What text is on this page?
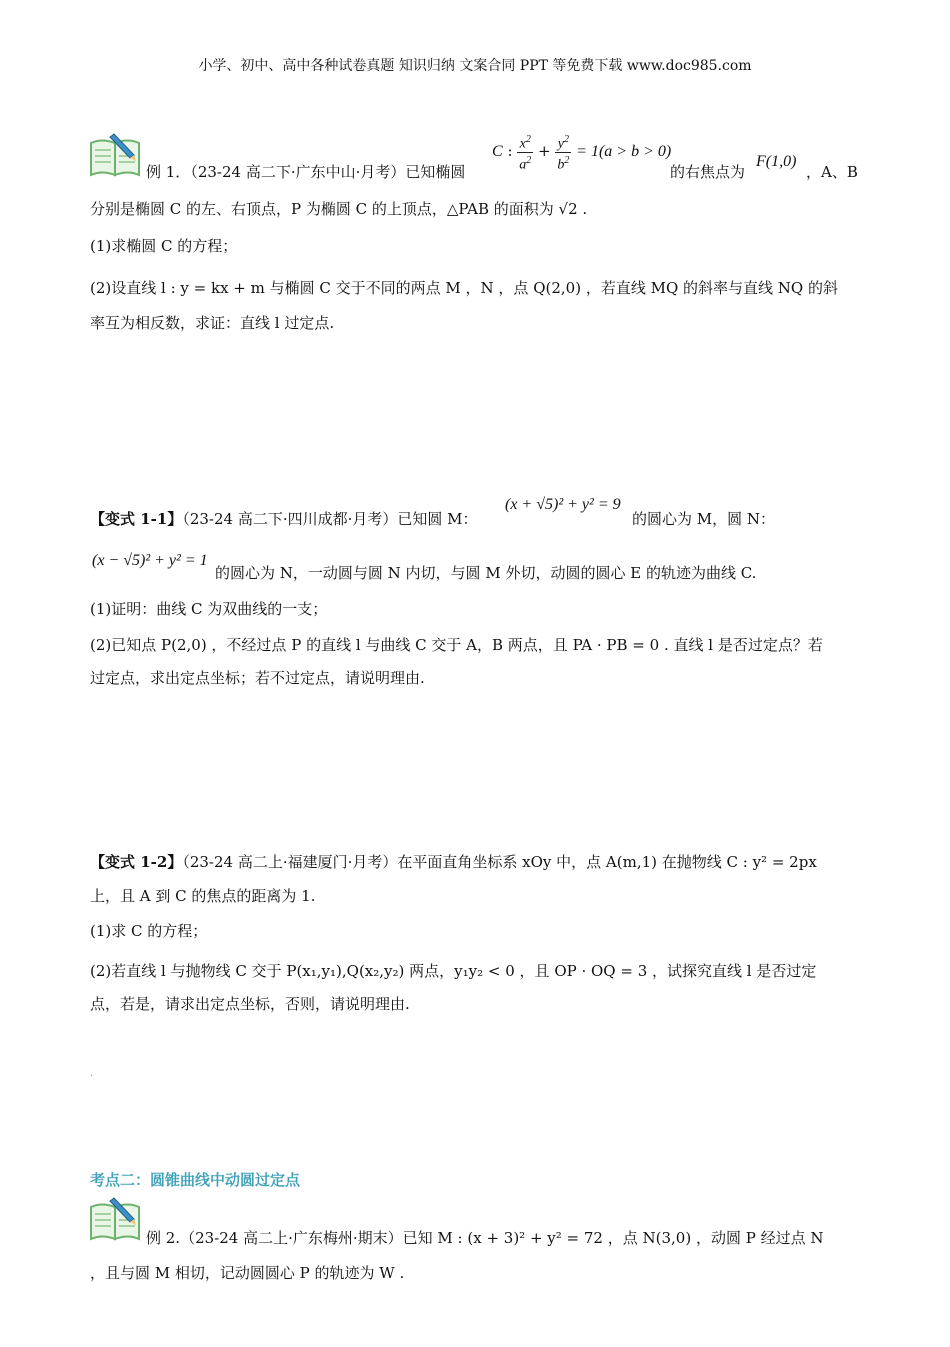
小学、初中、高中各种试卷真题 知识归纳 文案合同 PPT 等免费下载 www.doc985.com
例 1．（23-24 高二下·广东中山·月考）已知椭圆
C : $\frac{x^2}{a^2} + \frac{y^2}{b^2} = 1(a > b > 0)$
的右焦点为
F(1,0)
，A、B
分别是椭圆 C 的左、右顶点，P 为椭圆 C 的上顶点，△PAB 的面积为 √2 .
(1)求椭圆 C 的方程；
(2)设直线 l : y = kx + m 与椭圆 C 交于不同的两点 M ，N ，点 Q(2,0) ，若直线 MQ 的斜率与直线 NQ 的斜
率互为相反数，求证：直线 l 过定点.
【变式 1-1】（23-24 高二下·四川成都·月考）已知圆 M：
(x + √5)² + y² = 9
的圆心为 M，圆 N：
(x − √5)² + y² = 1
的圆心为 N，一动圆与圆 N 内切，与圆 M 外切，动圆的圆心 E 的轨迹为曲线 C.
(1)证明：曲线 C 为双曲线的一支；
(2)已知点 P(2,0) ，不经过点 P 的直线 l 与曲线 C 交于 A，B 两点，且 PA · PB = 0 . 直线 l 是否过定点？若
过定点，求出定点坐标；若不过定点，请说明理由.
【变式 1-2】（23-24 高二上·福建厦门·月考）在平面直角坐标系 xOy 中，点 A(m,1) 在抛物线 C : y² = 2px
上，且 A 到 C 的焦点的距离为 1.
(1)求 C 的方程；
(2)若直线 l 与抛物线 C 交于 P(x₁,y₁),Q(x₂,y₂) 两点，y₁y₂ < 0 ，且 OP · OQ = 3 ，试探究直线 l 是否过定
点，若是，请求出定点坐标，否则，请说明理由.
.
考点二：圆锥曲线中动圆过定点
例 2.（23-24 高二上·广东梅州·期末）已知 M : (x + 3)² + y² = 72 ，点 N(3,0) ，动圆 P 经过点 N
，且与圆 M 相切，记动圆圆心 P 的轨迹为 W .
